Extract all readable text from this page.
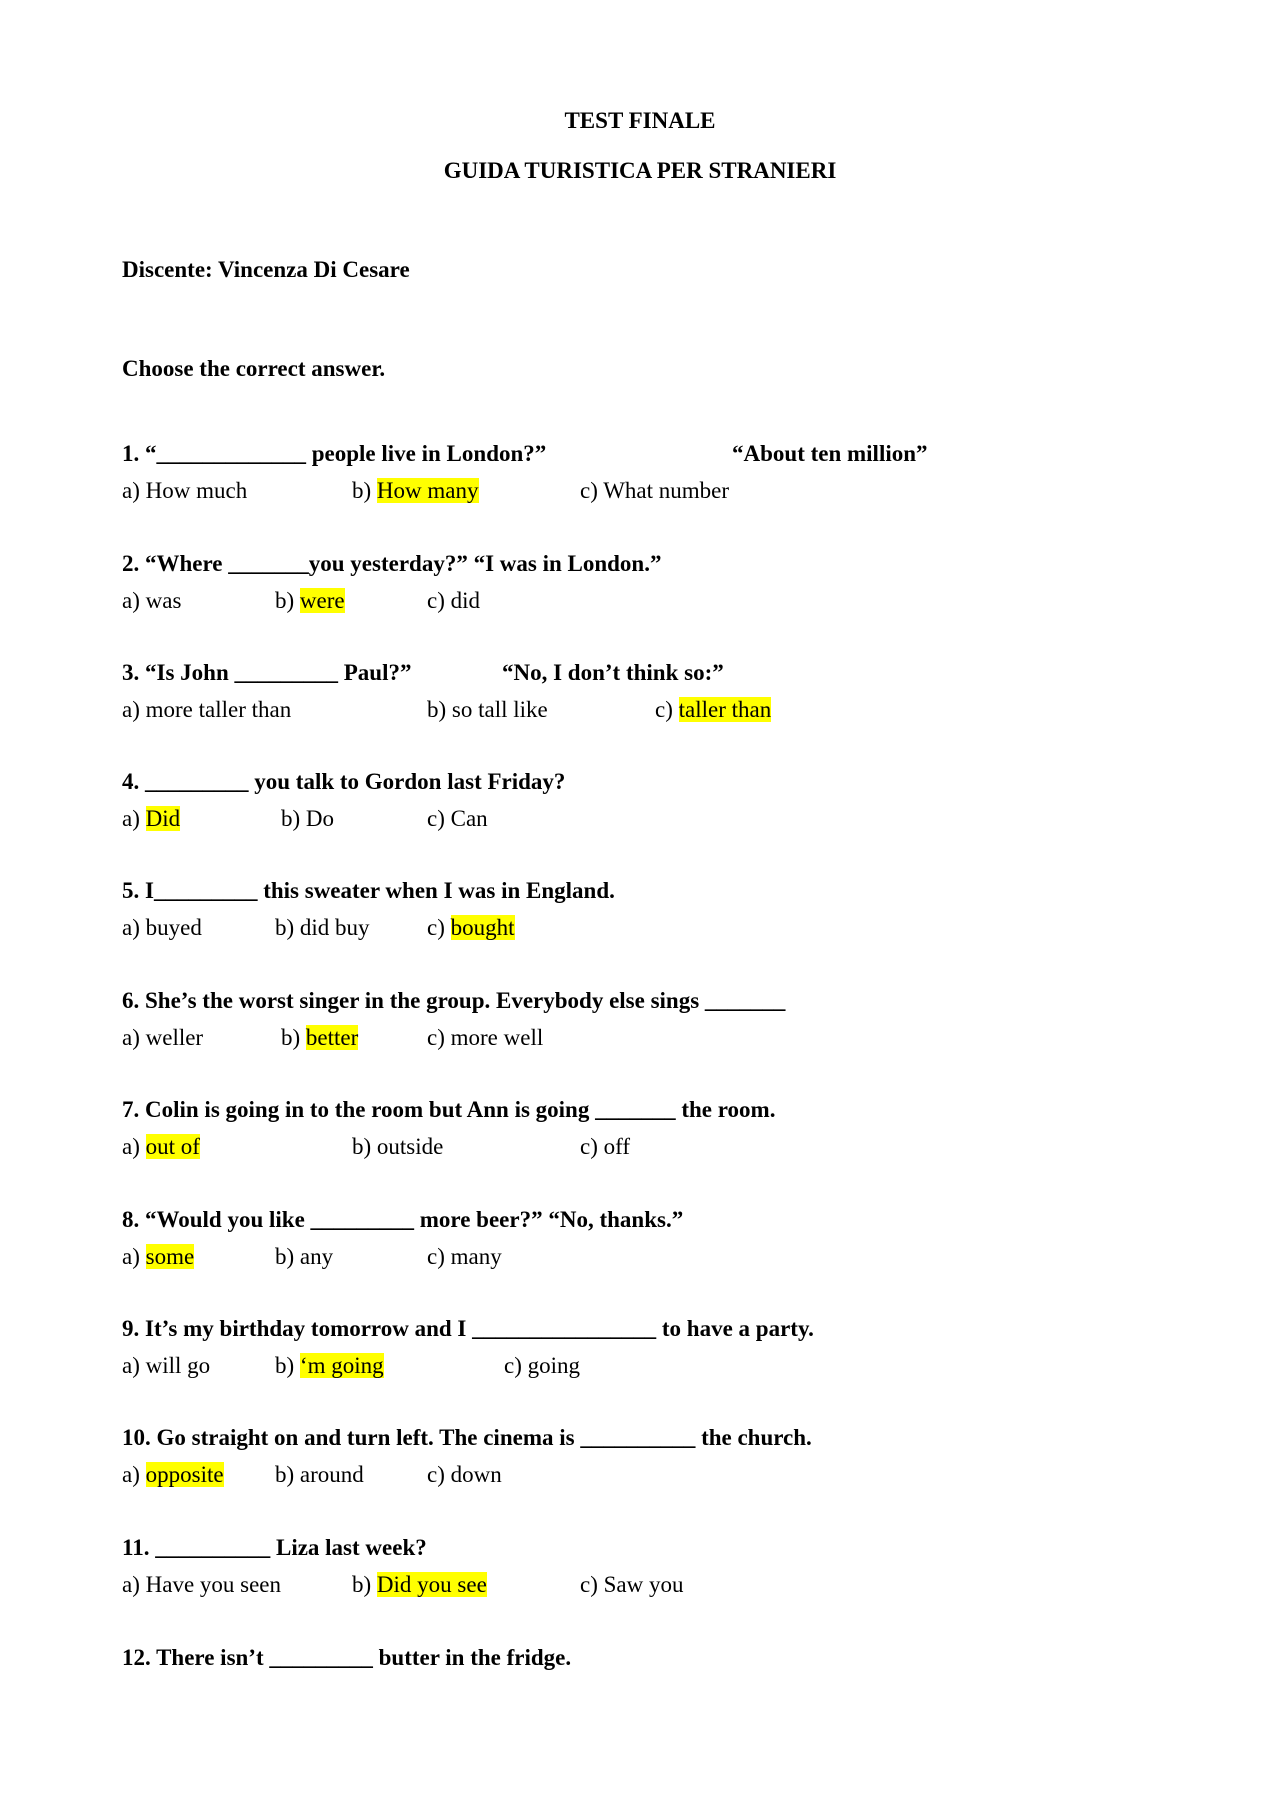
TEST FINALE
GUIDA TURISTICA PER STRANIERI
Discente: Vincenza Di Cesare
Choose the correct answer.
1. “_____________ people live in London?”	“About ten million”
a) How much	b) How many	c) What number
2. “Where _______you yesterday?” “I was in London.”
a) was	b) were	c) did
3. “Is John _________ Paul?”	“No, I don’t think so:”
a) more taller than	b) so tall like	c) taller than
4. _________ you talk to Gordon last Friday?
a) Did	b) Do	c) Can
5. I_________ this sweater when I was in England.
a) buyed	b) did buy c) bought
6. She’s the worst singer in the group. Everybody else sings _______
a) weller	b) better	c) more well
7. Colin is going in to the room but Ann is going _______ the room.
a) out of	b) outside	c) off
8. “Would you like _________ more beer?” “No, thanks.”
a) some	b) any	c) many
9. It’s my birthday tomorrow and I ________________ to have a party.
a) will go	b) ‘m going	c) going
10. Go straight on and turn left. The cinema is __________ the church.
a) opposite b) around	c) down
11. __________ Liza last week?
a) Have you seen	b) Did you see	c) Saw you
12. There isn’t _________ butter in the fridge.
